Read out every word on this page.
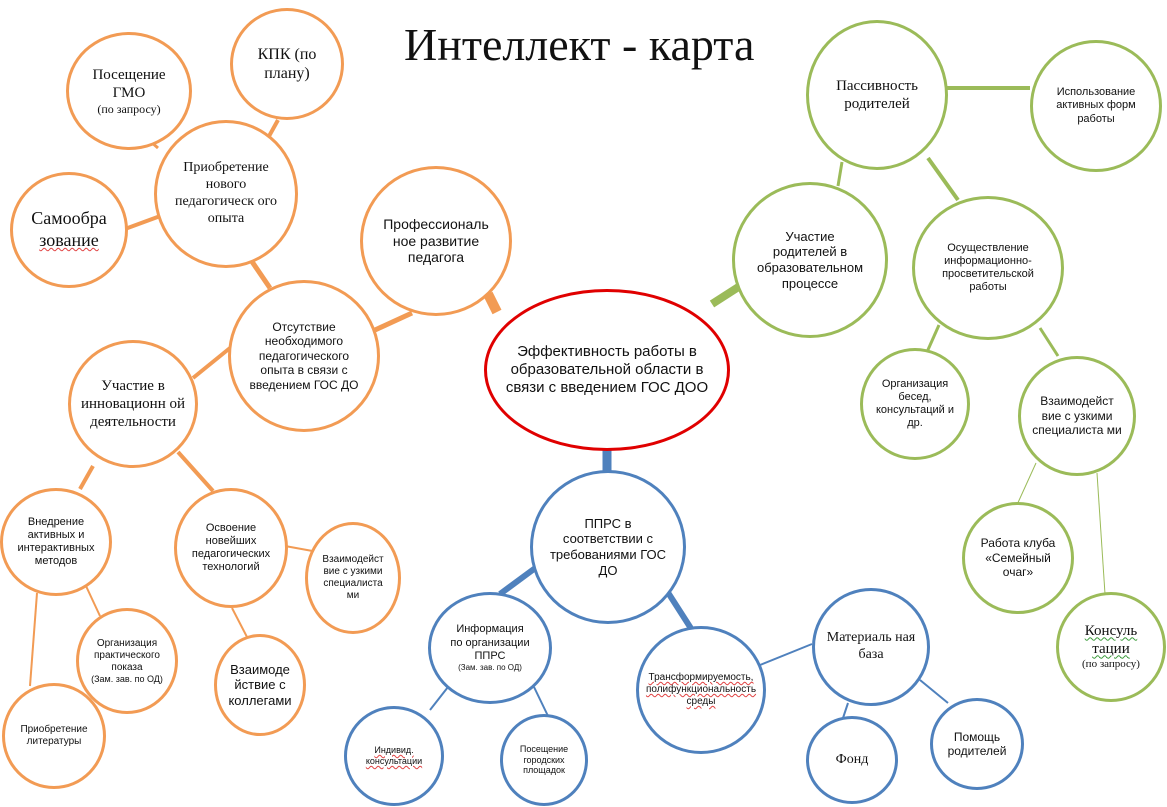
Интеллект - карта
Эффективность работы в образовательной области в связи с введением ГОС ДОО
Профессиональ ное развитие педагога
Отсутствие необходимого педагогического опыта в связи с введением ГОС ДО
Приобретение нового педагогическ ого опыта
Посещение ГМО
(по запросу)
КПК (по плану)
Самообра
зование
Участие в инновационн ой деятельности
Внедрение активных и интерактивных методов
Освоение новейших педагогических технологий
Взаимодейст вие с узкими специалиста ми
Взаимоде йствие с коллегами
Организация практического показа
(Зам. зав. по ОД)
Приобретение литературы
Участие родителей в образовательном процессе
Пассивность родителей
Использование активных форм работы
Осуществление информационно-просветительской работы
Организация бесед, консультаций и др.
Взаимодейст вие с узкими специалиста ми
Работа клуба «Семейный очаг»
Консуль
тации
(по запросу)
ППРС в соответствии с требованиями ГОС ДО
Информация по организации ППРС
(Зам. зав. по ОД)
Трансформируемость, полифункциональность среды
Материаль ная база
Фонд
Помощь родителей
Индивид. консультации
Посещение городских площадок
